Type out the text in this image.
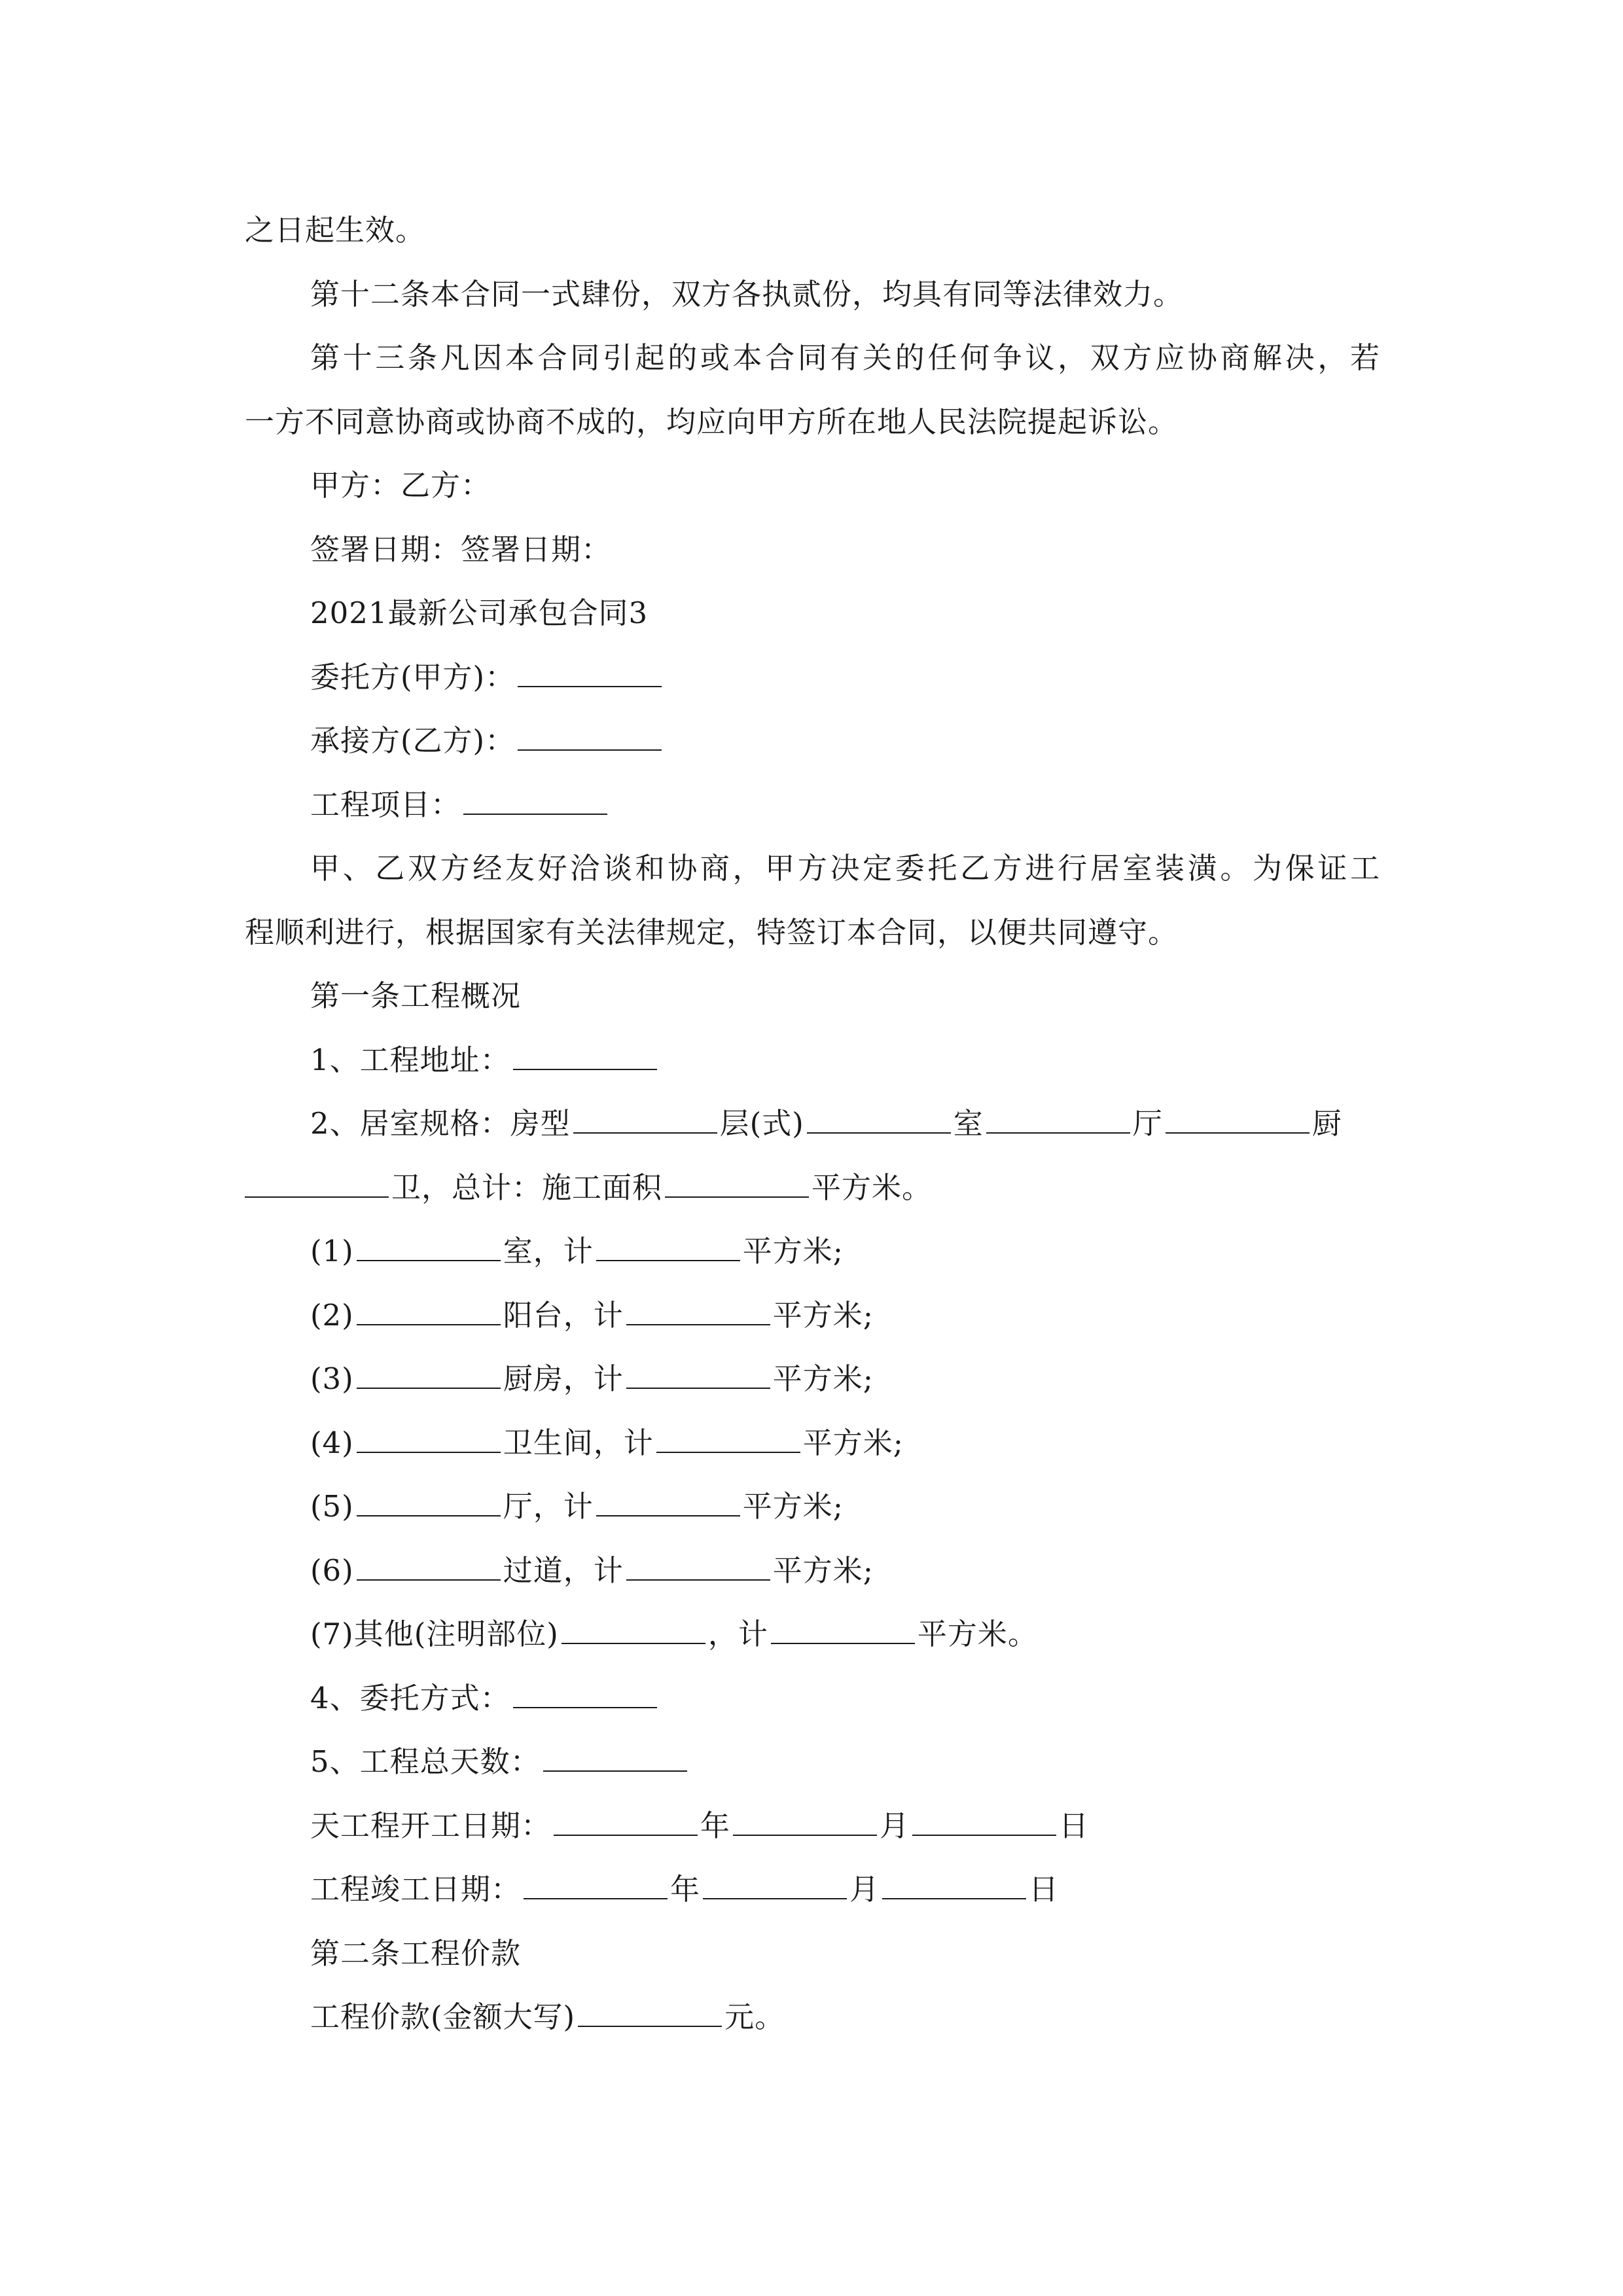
之日起生效。
第十二条本合同一式肆份，双方各执贰份，均具有同等法律效力。
第十三条凡因本合同引起的或本合同有关的任何争议，双方应协商解决，若
一方不同意协商或协商不成的，均应向甲方所在地人民法院提起诉讼。
甲方：乙方：
签署日期：签署日期：
2021最新公司承包合同3
委托方(甲方)：
承接方(乙方)：
工程项目：
甲、乙双方经友好洽谈和协商，甲方决定委托乙方进行居室装潢。为保证工
程顺利进行，根据国家有关法律规定，特签订本合同，以便共同遵守。
第一条工程概况
1、工程地址：
2、居室规格：房型	层(式)	室	厅	厨
卫，总计：施工面积	平方米。
(1)	室，计	平方米;
(2)	阳台，计	平方米;
(3)	厨房，计	平方米;
(4)	卫生间，计	平方米;
(5)	厅，计	平方米;
(6)	过道，计	平方米;
(7)其他(注明部位)	，计	平方米。
4、委托方式：
5、工程总天数：
天工程开工日期：	年	月	日
工程竣工日期：	年	月	日
第二条工程价款
工程价款(金额大写)	元。
